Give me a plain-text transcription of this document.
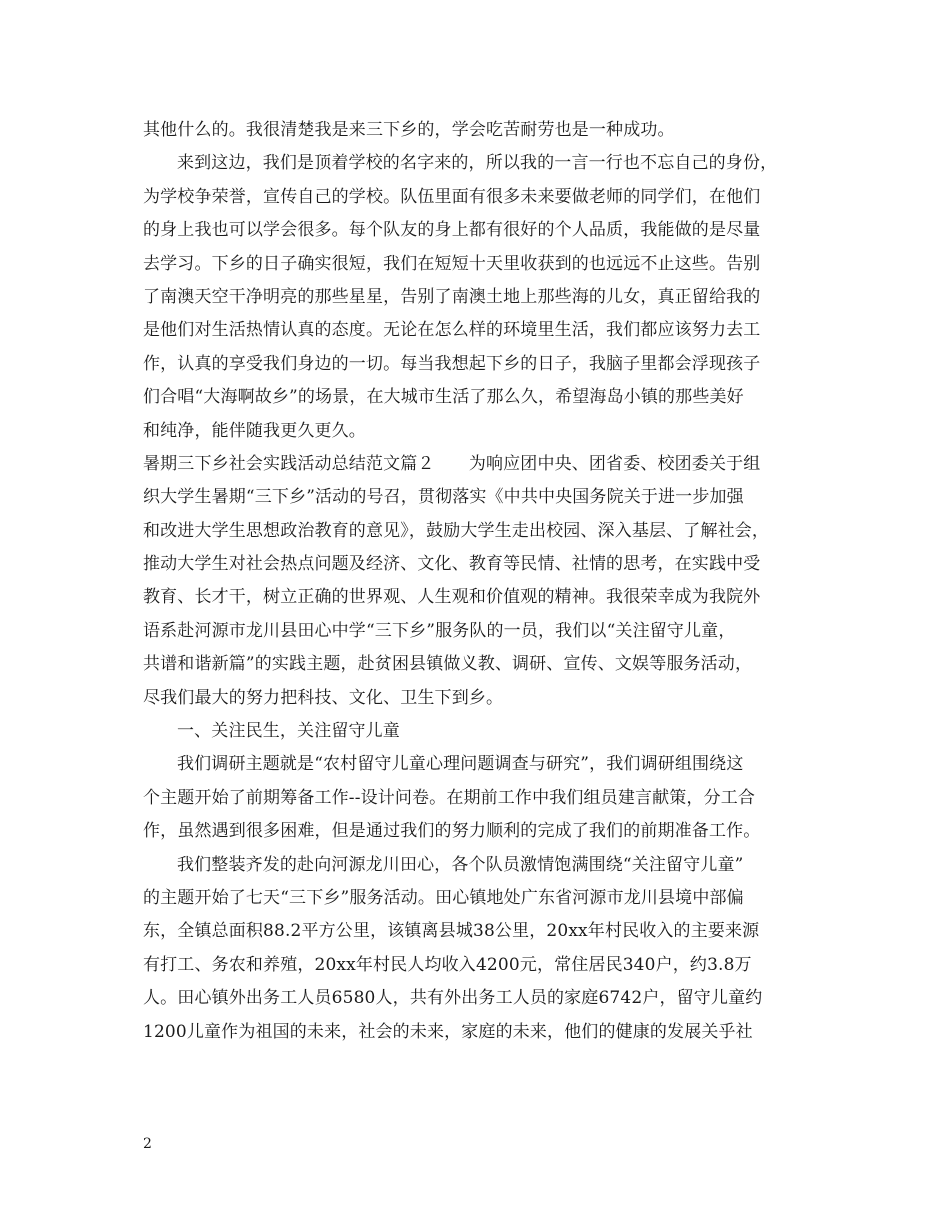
其他什么的。我很清楚我是来三下乡的，学会吃苦耐劳也是一种成功。
来到这边，我们是顶着学校的名字来的，所以我的一言一行也不忘自己的身份，
为学校争荣誉，宣传自己的学校。队伍里面有很多未来要做老师的同学们，在他们
的身上我也可以学会很多。每个队友的身上都有很好的个人品质，我能做的是尽量
去学习。下乡的日子确实很短，我们在短短十天里收获到的也远远不止这些。告别
了南澳天空干净明亮的那些星星，告别了南澳土地上那些海的儿女，真正留给我的
是他们对生活热情认真的态度。无论在怎么样的环境里生活，我们都应该努力去工
作，认真的享受我们身边的一切。每当我想起下乡的日子，我脑子里都会浮现孩子
们合唱“大海啊故乡”的场景，在大城市生活了那么久，希望海岛小镇的那些美好
和纯净，能伴随我更久更久。
暑期三下乡社会实践活动总结范文篇２　　为响应团中央、团省委、校团委关于组
织大学生暑期“三下乡”活动的号召，贯彻落实《中共中央国务院关于进一步加强
和改进大学生思想政治教育的意见》，鼓励大学生走出校园、深入基层、了解社会，
推动大学生对社会热点问题及经济、文化、教育等民情、社情的思考，在实践中受
教育、长才干，树立正确的世界观、人生观和价值观的精神。我很荣幸成为我院外
语系赴河源市龙川县田心中学“三下乡”服务队的一员，我们以“关注留守儿童，
共谱和谐新篇”的实践主题，赴贫困县镇做义教、调研、宣传、文娱等服务活动，
尽我们最大的努力把科技、文化、卫生下到乡。
一、关注民生，关注留守儿童
我们调研主题就是“农村留守儿童心理问题调查与研究”，我们调研组围绕这
个主题开始了前期筹备工作--设计问卷。在期前工作中我们组员建言献策，分工合
作，虽然遇到很多困难，但是通过我们的努力顺利的完成了我们的前期准备工作。
我们整装齐发的赴向河源龙川田心，各个队员激情饱满围绕“关注留守儿童”
的主题开始了七天“三下乡”服务活动。田心镇地处广东省河源市龙川县境中部偏
东，全镇总面积88.2平方公里，该镇离县城38公里，20xx年村民收入的主要来源
有打工、务农和养殖，20xx年村民人均收入4200元，常住居民340户，约3.8万
人。田心镇外出务工人员6580人，共有外出务工人员的家庭6742户，留守儿童约
1200儿童作为祖国的未来，社会的未来，家庭的未来，他们的健康的发展关乎社
2
